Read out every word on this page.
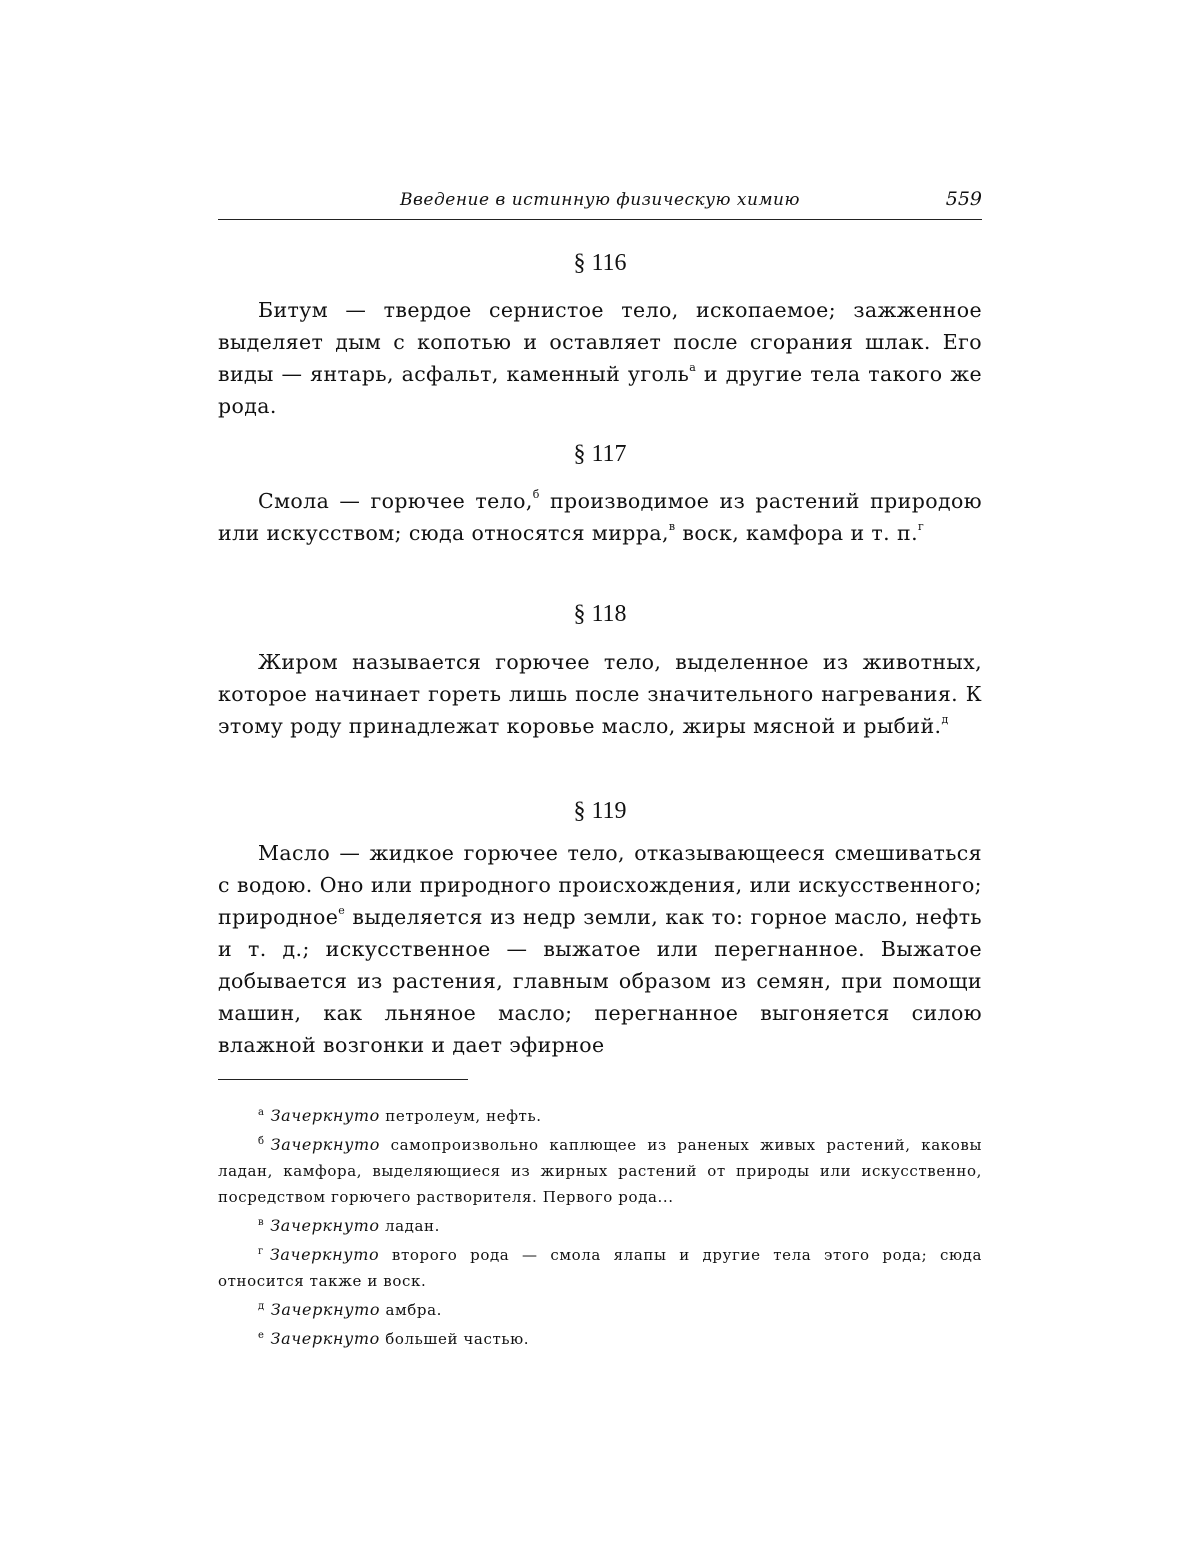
Введение в истинную физическую химию	559
§ 116
Битум — твердое сернистое тело, ископаемое; зажженное выделяет дым с копотью и оставляет после сгорания шлак. Его виды — янтарь, асфальт, каменный уголь$^а$ и другие тела такого же рода.
§ 117
Смола — горючее тело,$^б$ производимое из растений природою или искусством; сюда относятся мирра,$^в$ воск, камфора и т. п.$^г$
§ 118
Жиром называется горючее тело, выделенное из животных, которое начинает гореть лишь после значительного нагревания. К этому роду принадлежат коровье масло, жиры мясной и рыбий.$^д$
§ 119
Масло — жидкое горючее тело, отказывающееся смешиваться с водою. Оно или природного происхождения, или искусственного; природное$^е$ выделяется из недр земли, как то: горное масло, нефть и т. д.; искусственное — выжатое или перегнанное. Выжатое добывается из растения, главным образом из семян, при помощи машин, как льняное масло; перегнанное выгоняется силою влажной возгонки и дает эфирное

$^а$ Зачеркнуто петролеум, нефть.

$^б$ Зачеркнуто самопроизвольно каплющее из раненых живых растений, каковы ладан, камфора, выделяющиеся из жирных растений от природы или искусственно, посредством горючего растворителя. Первого рода...

$^в$ Зачеркнуто ладан.

$^г$ Зачеркнуто второго рода — смола ялапы и другие тела этого рода; сюда относится также и воск.

$^д$ Зачеркнуто амбра.

$^е$ Зачеркнуто большей частью.
